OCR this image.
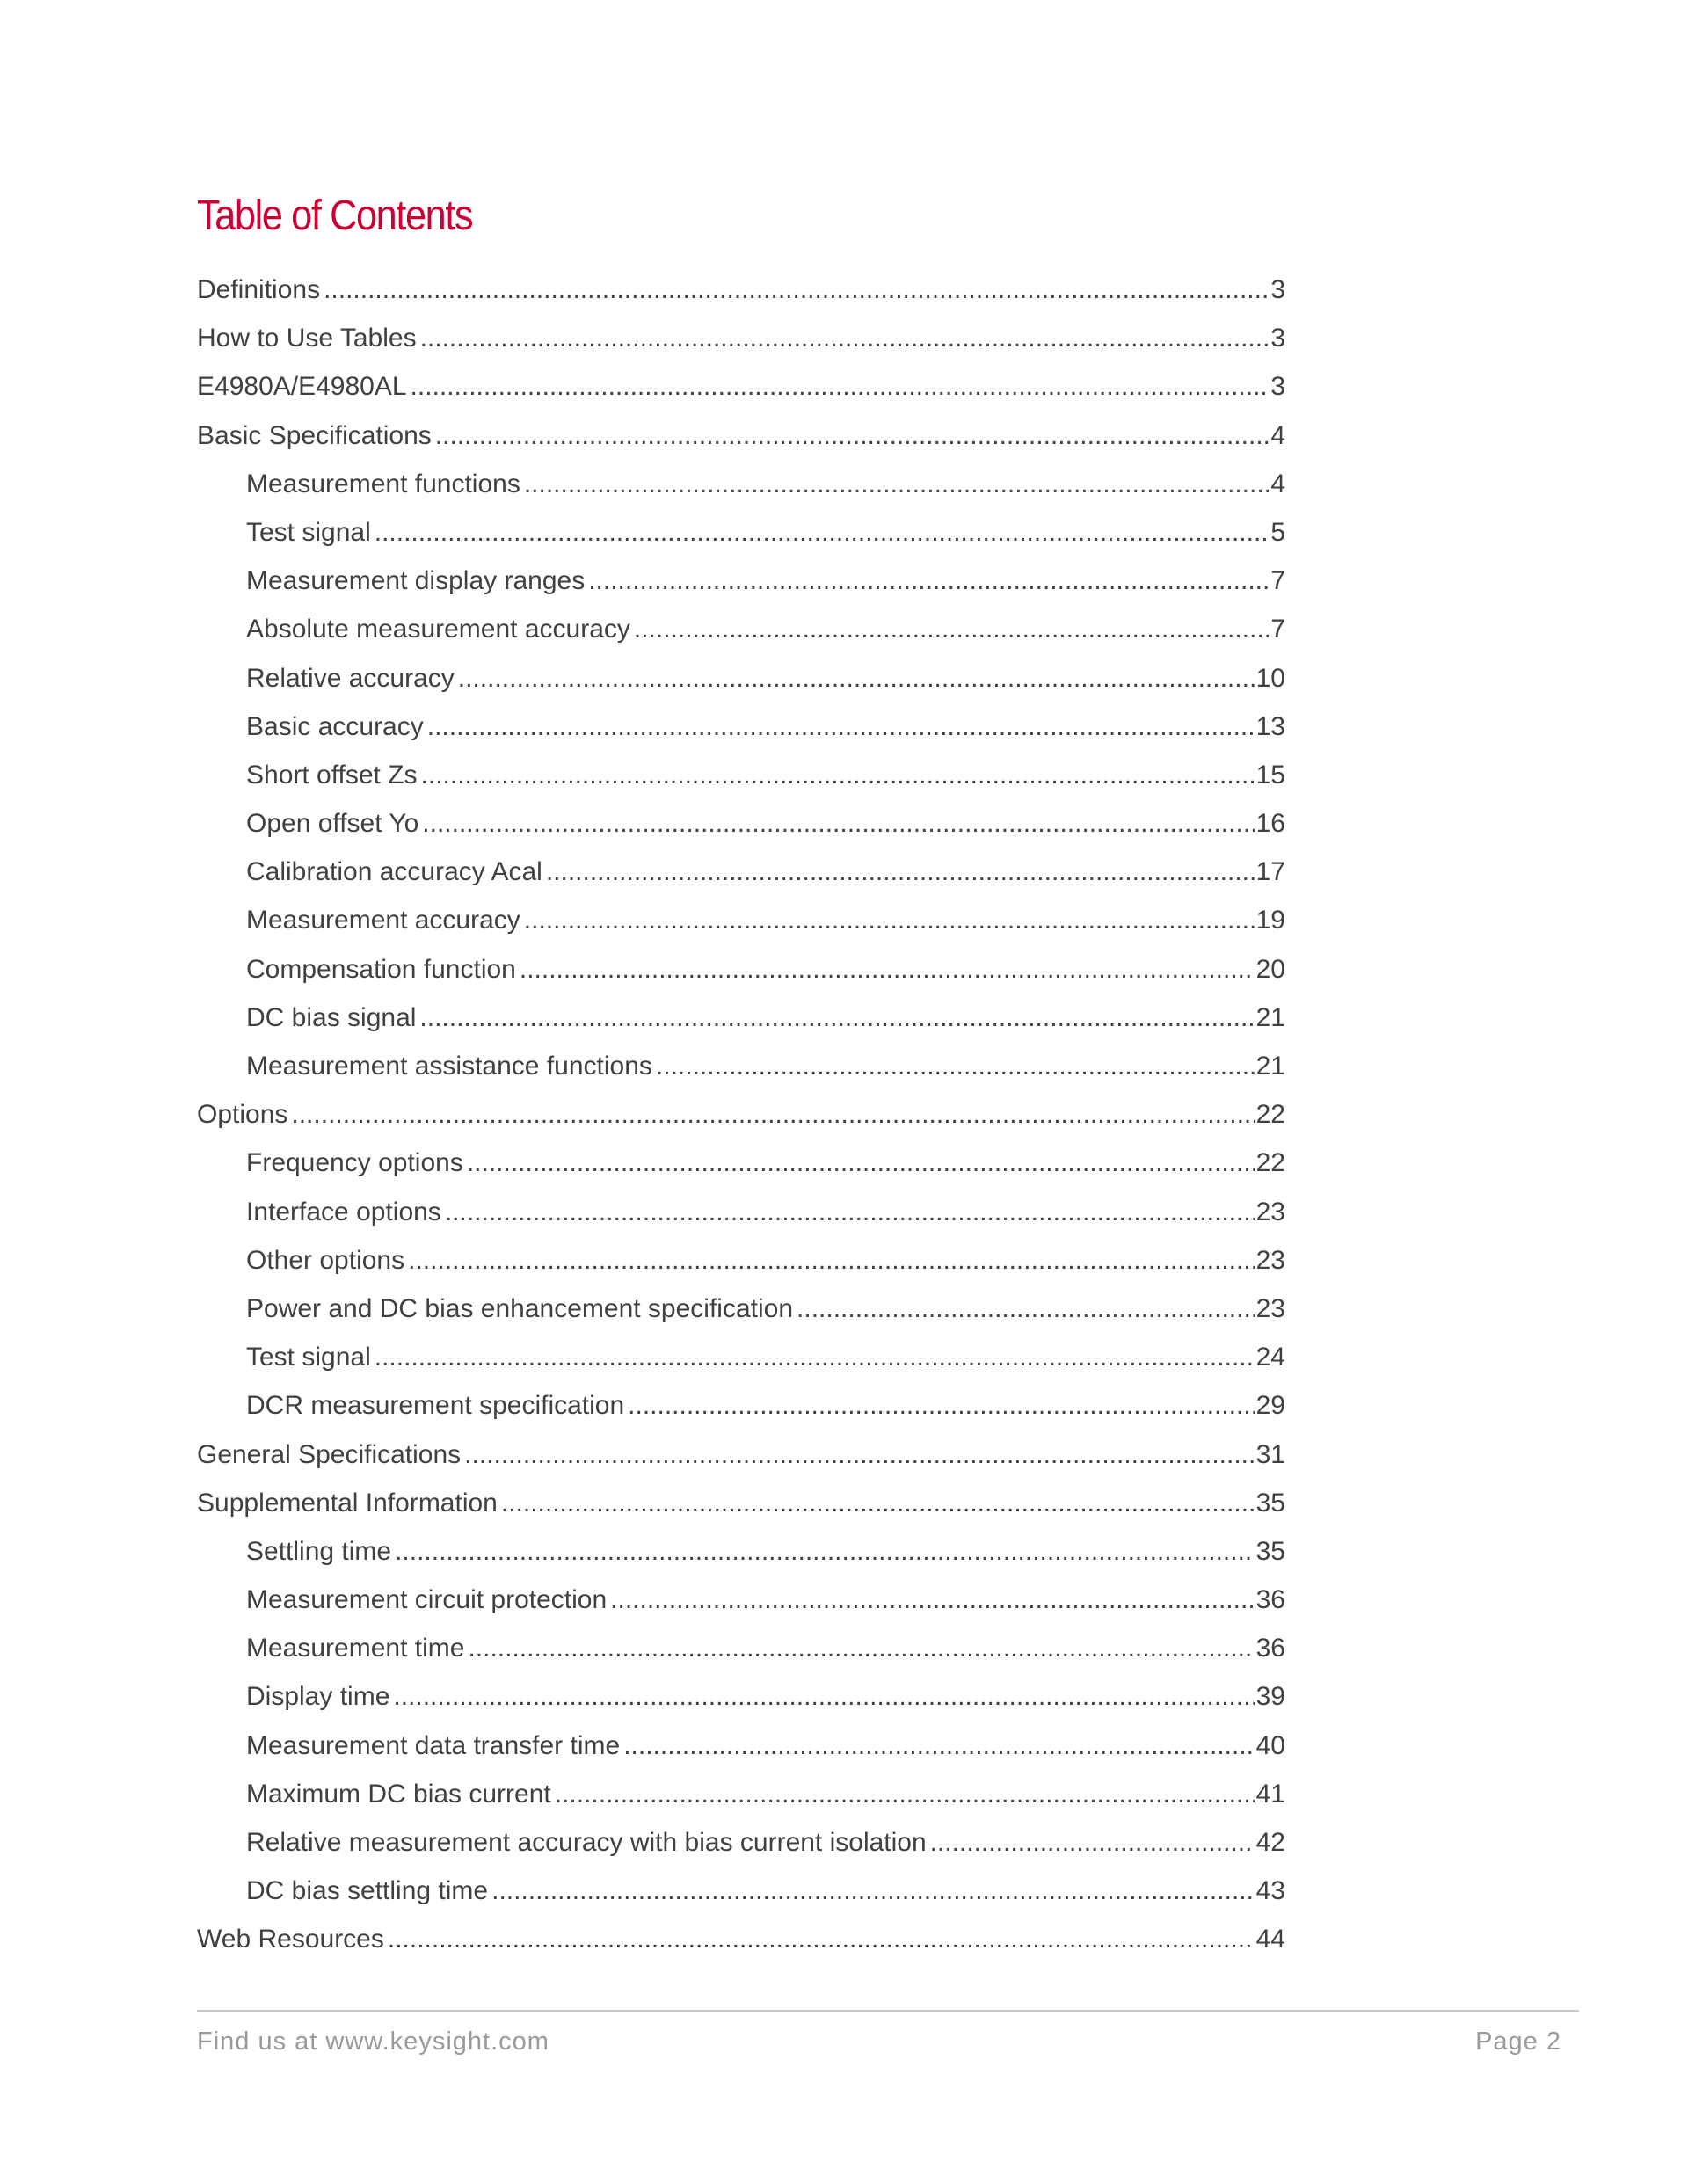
Table of Contents
Definitions .....	3
How to Use Tables .....	3
E4980A/E4980AL .....	3
Basic Specifications .....	4
Measurement functions .....	4
Test signal .....	5
Measurement display ranges .....	7
Absolute measurement accuracy .....	7
Relative accuracy .....	10
Basic accuracy .....	13
Short offset Zs .....	15
Open offset Yo .....	16
Calibration accuracy Acal .....	17
Measurement accuracy .....	19
Compensation function .....	20
DC bias signal .....	21
Measurement assistance functions .....	21
Options .....	22
Frequency options .....	22
Interface options .....	23
Other options .....	23
Power and DC bias enhancement specification .....	23
Test signal .....	24
DCR measurement specification .....	29
General Specifications .....	31
Supplemental Information .....	35
Settling time .....	35
Measurement circuit protection .....	36
Measurement time .....	36
Display time .....	39
Measurement data transfer time .....	40
Maximum DC bias current .....	41
Relative measurement accuracy with bias current isolation .....	42
DC bias settling time .....	43
Web Resources .....	44
Find us at www.keysight.com	Page 2
